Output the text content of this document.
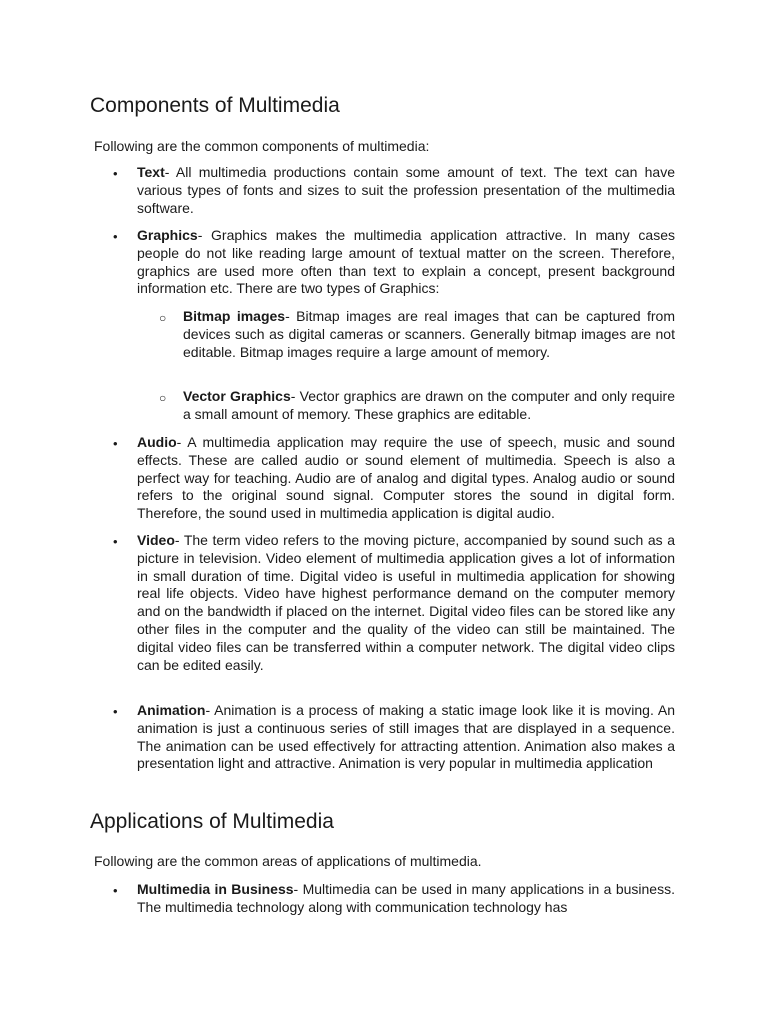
Components of Multimedia

Following are the common components of multimedia:

• Text- All multimedia productions contain some amount of text. The text can have various types of fonts and sizes to suit the profession presentation of the multimedia software.

• Graphics- Graphics makes the multimedia application attractive. In many cases people do not like reading large amount of textual matter on the screen. Therefore, graphics are used more often than text to explain a concept, present background information etc. There are two types of Graphics:

○ Bitmap images- Bitmap images are real images that can be captured from devices such as digital cameras or scanners. Generally bitmap images are not editable. Bitmap images require a large amount of memory.

○ Vector Graphics- Vector graphics are drawn on the computer and only require a small amount of memory. These graphics are editable.

• Audio- A multimedia application may require the use of speech, music and sound effects. These are called audio or sound element of multimedia. Speech is also a perfect way for teaching. Audio are of analog and digital types. Analog audio or sound refers to the original sound signal. Computer stores the sound in digital form. Therefore, the sound used in multimedia application is digital audio.

• Video- The term video refers to the moving picture, accompanied by sound such as a picture in television. Video element of multimedia application gives a lot of information in small duration of time. Digital video is useful in multimedia application for showing real life objects. Video have highest performance demand on the computer memory and on the bandwidth if placed on the internet. Digital video files can be stored like any other files in the computer and the quality of the video can still be maintained. The digital video files can be transferred within a computer network. The digital video clips can be edited easily.

• Animation- Animation is a process of making a static image look like it is moving. An animation is just a continuous series of still images that are displayed in a sequence. The animation can be used effectively for attracting attention. Animation also makes a presentation light and attractive. Animation is very popular in multimedia application

Applications of Multimedia

Following are the common areas of applications of multimedia.

• Multimedia in Business- Multimedia can be used in many applications in a business. The multimedia technology along with communication technology has
